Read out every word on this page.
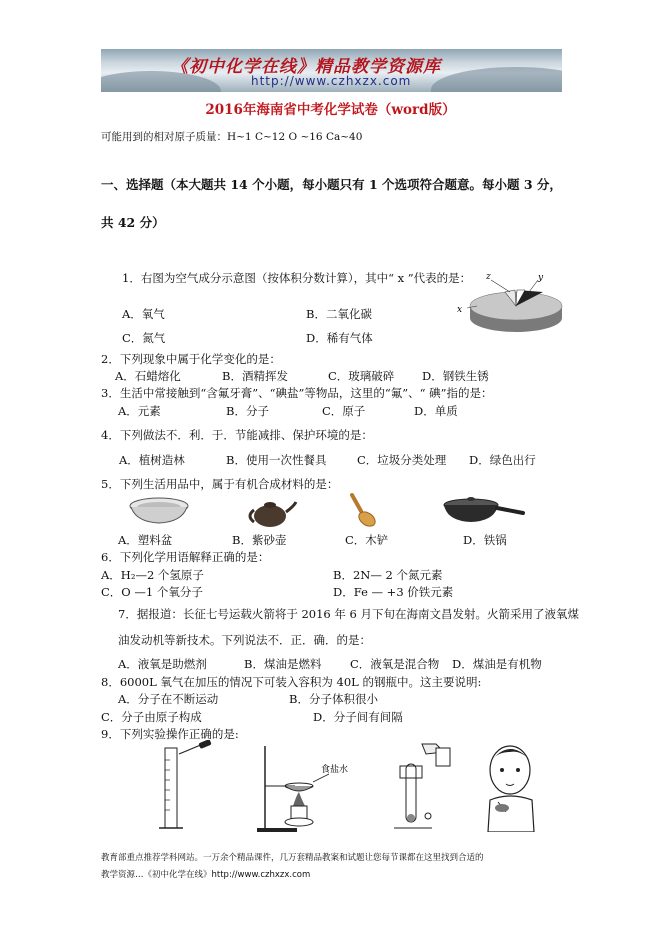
《初中化学在线》精品教学资源库
http://www.czhxzx.com
2016年海南省中考化学试卷（word版）
可能用到的相对原子质量：H~1 C~12 O ~16 Ca~40
一、选择题（本大题共 14 个小题，每小题只有 1 个选项符合题意。每小题 3 分，
共 42 分）
1．右图为空气成分示意图（按体积分数计算），其中“ x ”代表的是：
A．氧气	B．二氧化碳
C．氮气	D．稀有气体
z	y
x
2．下列现象中属于化学变化的是：
A．石蜡熔化	B．酒精挥发	C．玻璃破碎 D．钢铁生锈
3．生活中常接触到“含氟牙膏”、“碘盐”等物品，这里的“氟”、“ 碘”指的是：
A．元素	B．分子	C．原子	D．单质
4．下列做法不．利．于．节能减排、保护环境的是：
A．植树造林	B．使用一次性餐具	C．垃圾分类处理 D．绿色出行
5．下列生活用品中，属于有机合成材料的是：
A．塑料盆	B．紫砂壶	C．木铲	D．铁锅
6．下列化学用语解释正确的是：
A．H₂—2 个氢原子	B．2N— 2 个氮元素
C．O —1 个氧分子	D．Fe — +3 价铁元素
7．据报道：长征七号运载火箭将于 2016 年 6 月下旬在海南文昌发射。火箭采用了液氧煤
油发动机等新技术。下列说法不．正．确．的是：
A．液氧是助燃剂	B．煤油是燃料 C．液氧是混合物 D．煤油是有机物
8．6000L 氧气在加压的情况下可装入容积为 40L 的钢瓶中。这主要说明:
A．分子在不断运动	B．分子体积很小
C．分子由原子构成	D．分子间有间隔
9．下列实验操作正确的是:
食盐水
教育部重点推荐学科网站。一万余个精品课件，几万套精品教案和试题让您每节课都在这里找到合适的
教学资源…《初中化学在线》http://www.czhxzx.com
